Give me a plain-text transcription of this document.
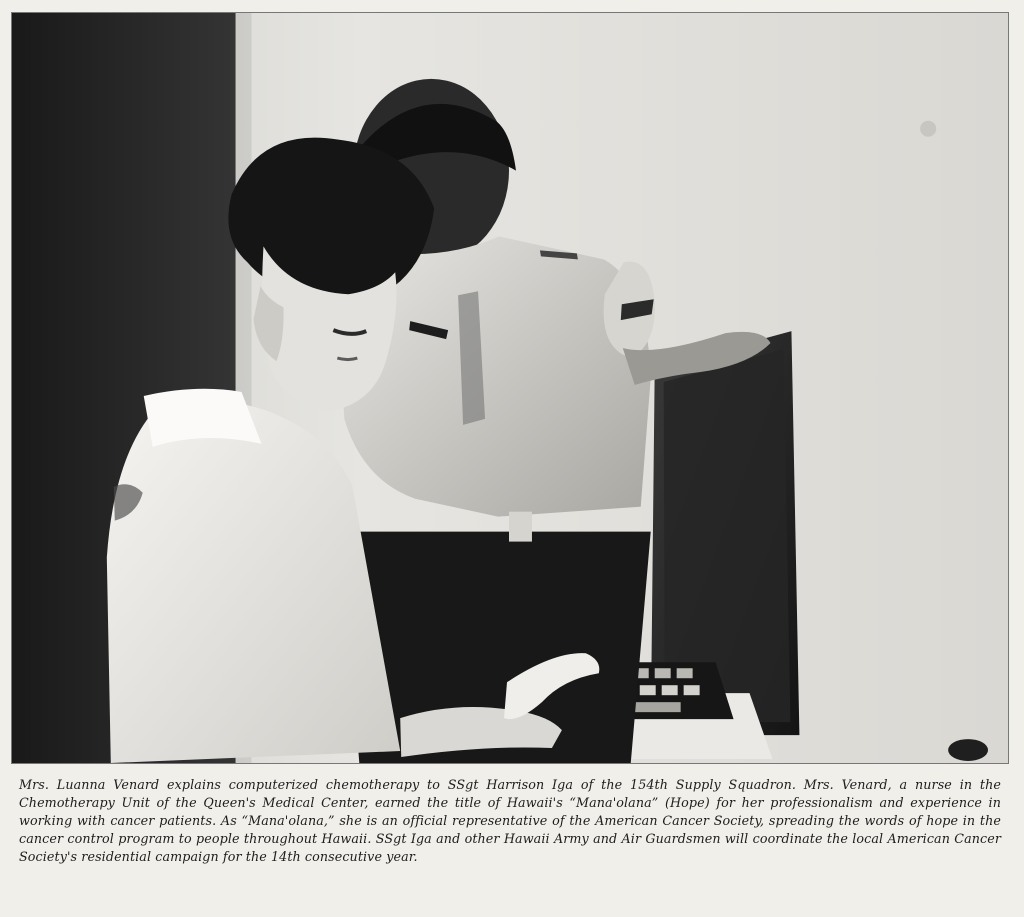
Mrs. Luanna Venard explains computerized chemotherapy to SSgt Harrison Iga of the 154th Supply Squadron. Mrs. Venard, a nurse in the Chemotherapy Unit of the Queen's Medical Center, earned the title of Hawaii's “Mana'olana” (Hope) for her professionalism and experience in working with cancer patients. As “Mana'olana,” she is an official representative of the American Cancer Society, spreading the words of hope in the cancer control program to people throughout Hawaii. SSgt Iga and other Hawaii Army and Air Guardsmen will coordinate the local American Cancer Society's residential campaign for the 14th consecutive year.
